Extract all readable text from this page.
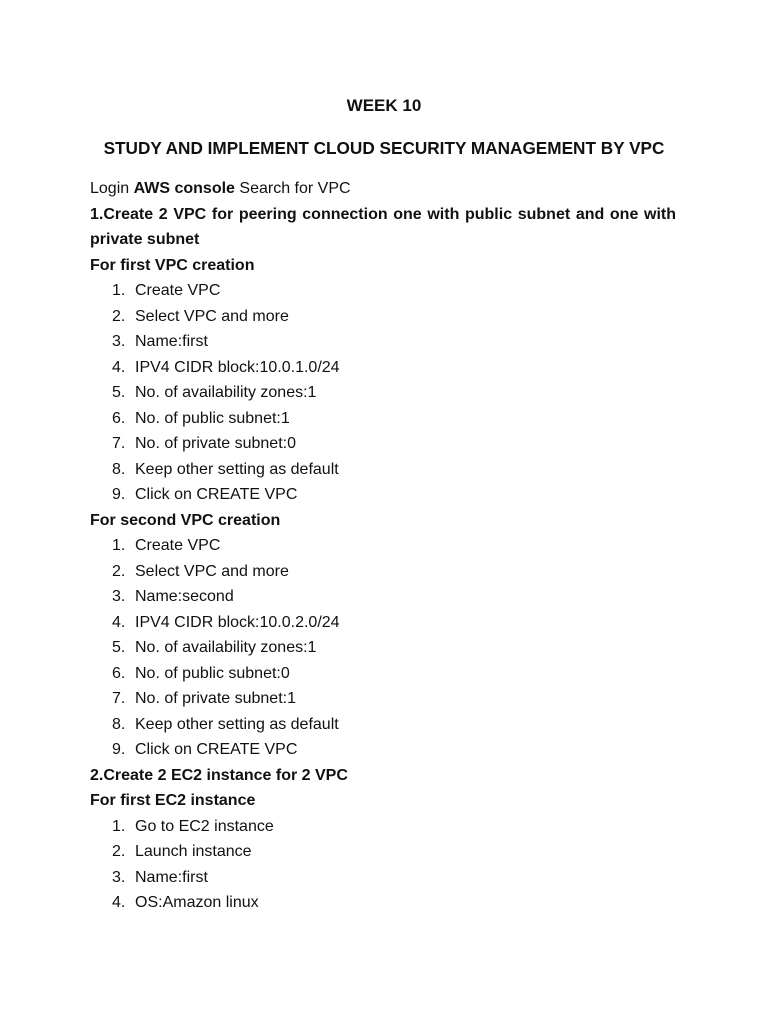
WEEK 10
STUDY AND IMPLEMENT CLOUD SECURITY MANAGEMENT BY VPC

Login AWS console Search for VPC

1.Create 2 VPC for peering connection one with public subnet and one with private subnet

For first VPC creation

1. Create VPC
2. Select VPC and more
3. Name:first
4. IPV4 CIDR block:10.0.1.0/24
5. No. of availability zones:1
6. No. of public subnet:1
7. No. of private subnet:0
8. Keep other setting as default
9. Click on CREATE VPC

For second VPC creation

1. Create VPC
2. Select VPC and more
3. Name:second
4. IPV4 CIDR block:10.0.2.0/24
5. No. of availability zones:1
6. No. of public subnet:0
7. No. of private subnet:1
8. Keep other setting as default
9. Click on CREATE VPC

2.Create 2 EC2 instance for 2 VPC

For first EC2 instance

1. Go to EC2 instance
2. Launch instance
3. Name:first
4. OS:Amazon linux
